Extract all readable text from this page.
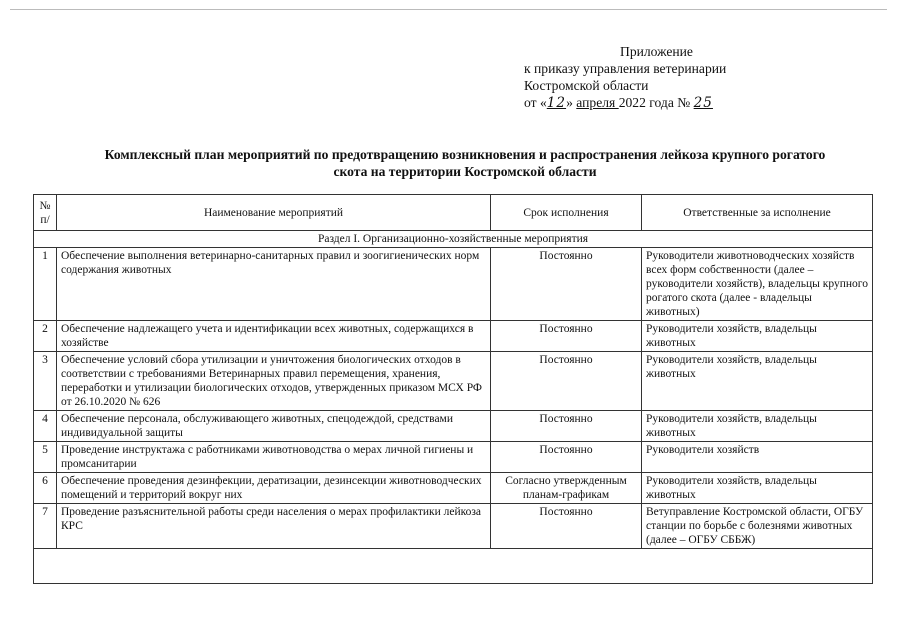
Приложение
к приказу управления ветеринарии
Костромской области
от «12» апреля 2022 года № 25
Комплексный план мероприятий по предотвращению возникновения и распространения лейкоза крупного рогатого
скота на территории Костромской области
№ п/	Наименование мероприятий	Срок исполнения	Ответственные за исполнение
Раздел I. Организационно-хозяйственные мероприятия			
1	Обеспечение выполнения ветеринарно-санитарных правил и зоогигиенических норм содержания животных	Постоянно	Руководители животноводческих хозяйств всех форм собственности (далее – руководители хозяйств), владельцы крупного рогатого скота (далее - владельцы животных)
2	Обеспечение надлежащего учета и идентификации всех животных, содержащихся в хозяйстве	Постоянно	Руководители хозяйств, владельцы животных
3	Обеспечение условий сбора утилизации и уничтожения биологических отходов в соответствии с требованиями Ветеринарных правил перемещения, хранения, переработки и утилизации биологических отходов, утвержденных приказом МСХ РФ от 26.10.2020 № 626	Постоянно	Руководители хозяйств, владельцы животных
4	Обеспечение персонала, обслуживающего животных, спецодеждой, средствами индивидуальной защиты	Постоянно	Руководители хозяйств, владельцы животных
5	Проведение инструктажа с работниками животноводства о мерах личной гигиены и промсанитарии	Постоянно	Руководители хозяйств
6	Обеспечение проведения дезинфекции, дератизации, дезинсекции животноводческих помещений и территорий вокруг них	Согласно утвержденным планам-графикам	Руководители хозяйств, владельцы животных
7	Проведение разъяснительной работы среди населения о мерах профилактики лейкоза КРС	Постоянно	Ветуправление Костромской области, ОГБУ станции по борьбе с болезнями животных (далее – ОГБУ СББЖ)
